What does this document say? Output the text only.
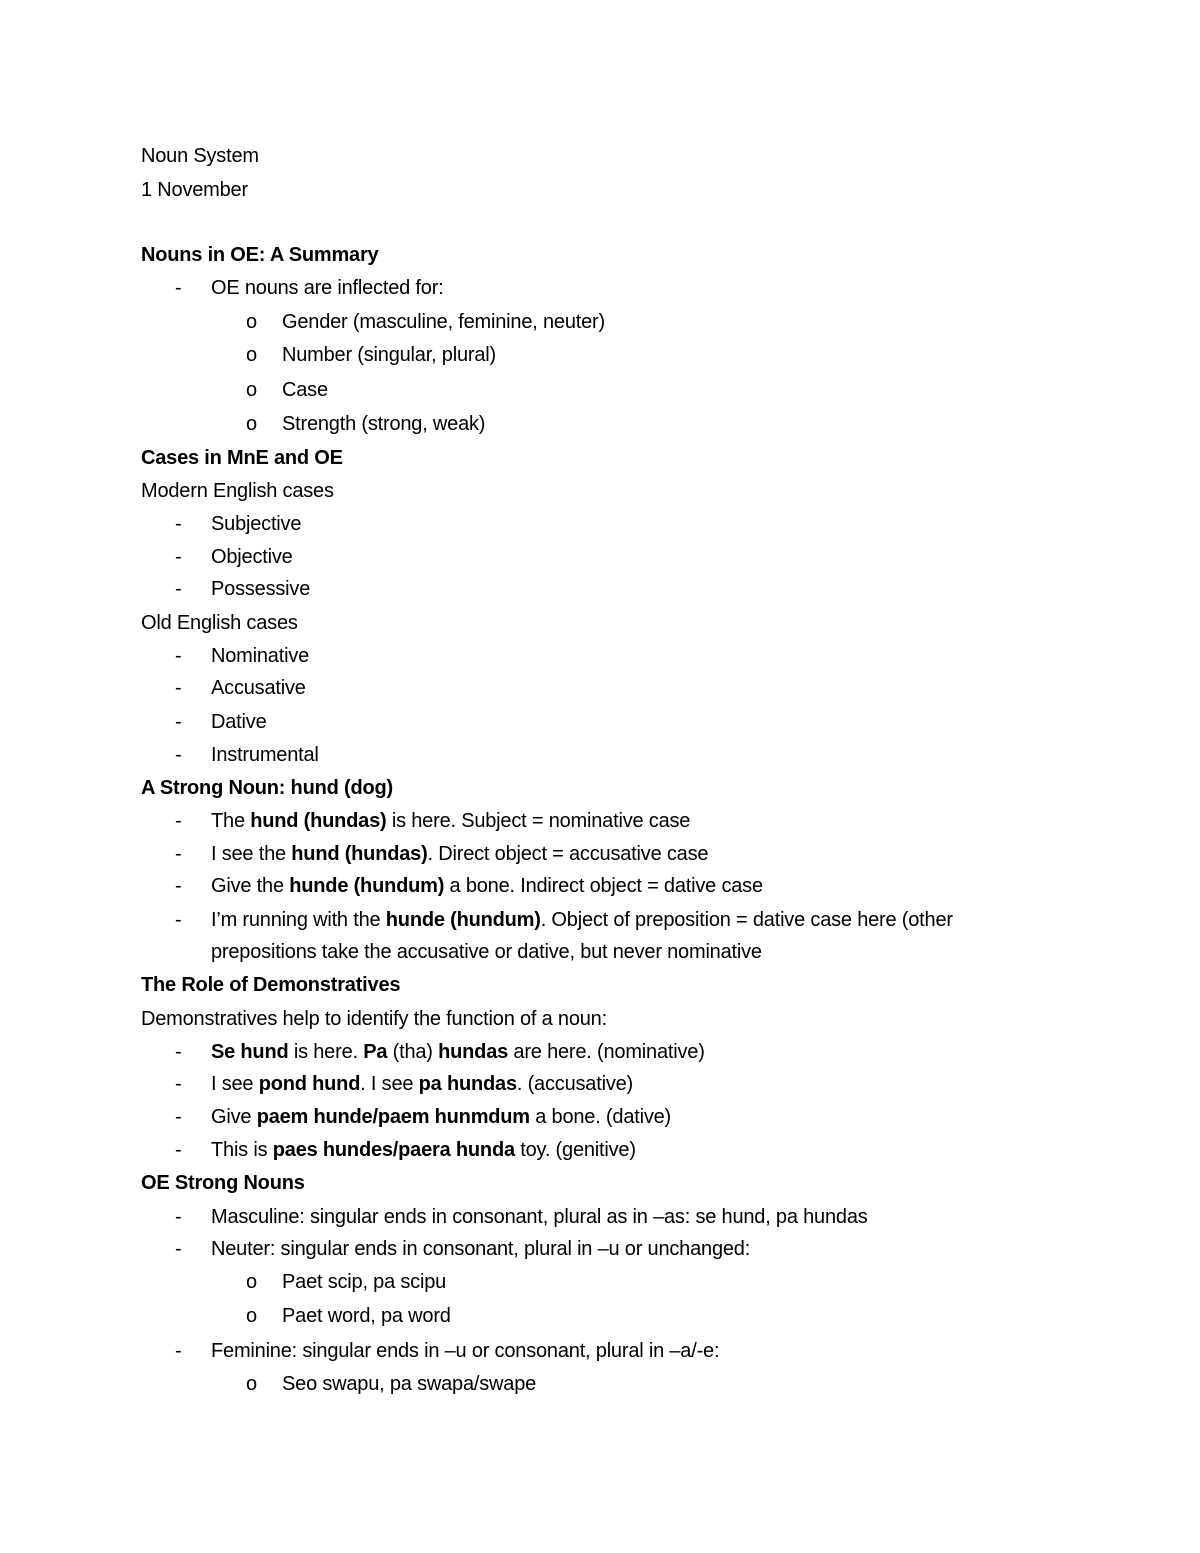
Noun System
1 November
Nouns in OE: A Summary
- OE nouns are inflected for:
o Gender (masculine, feminine, neuter)
o Number (singular, plural)
o Case
o Strength (strong, weak)
Cases in MnE and OE
Modern English cases
- Subjective
- Objective
- Possessive
Old English cases
- Nominative
- Accusative
- Dative
- Instrumental
A Strong Noun: hund (dog)
- The hund (hundas) is here. Subject = nominative case
- I see the hund (hundas). Direct object = accusative case
- Give the hunde (hundum) a bone. Indirect object = dative case
- I’m running with the hunde (hundum). Object of preposition = dative case here (other
prepositions take the accusative or dative, but never nominative
The Role of Demonstratives
Demonstratives help to identify the function of a noun:
- Se hund is here. Pa (tha) hundas are here. (nominative)
- I see pond hund. I see pa hundas. (accusative)
- Give paem hunde/paem hunmdum a bone. (dative)
- This is paes hundes/paera hunda toy. (genitive)
OE Strong Nouns
- Masculine: singular ends in consonant, plural as in –as: se hund, pa hundas
- Neuter: singular ends in consonant, plural in –u or unchanged:
o Paet scip, pa scipu
o Paet word, pa word
- Feminine: singular ends in –u or consonant, plural in –a/-e:
o Seo swapu, pa swapa/swape
